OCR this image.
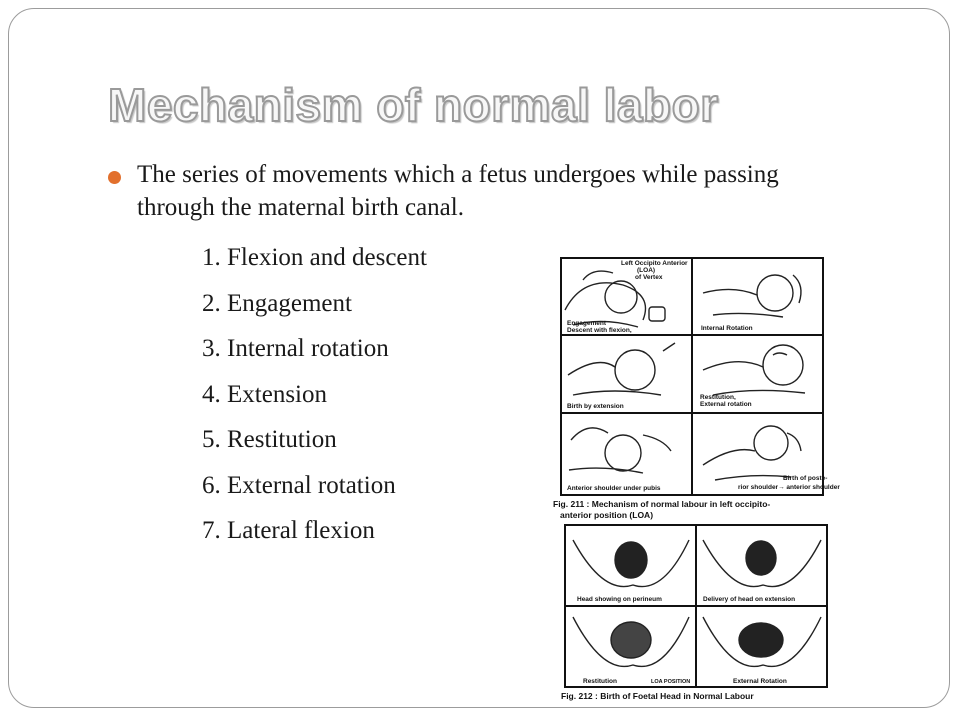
Mechanism of normal labor
The series of movements which a fetus undergoes while passing through the maternal birth canal.
1. Flexion and descent
2. Engagement
3. Internal rotation
4. Extension
5. Restitution
6. External rotation
7. Lateral flexion
Left Occipito Anterior
(LOA)
of Vertex
Engagement
Descent with flexion,	Internal Rotation
Birth by extension
Restitution,
External rotation
Anterior shoulder under pubis
Birth of poste-
rior shoulder→ anterior shoulder
Fig. 211 : Mechanism of normal labour in left occipito-
anterior position (LOA)
Head showing on perineum	Delivery of head on extension
Restitution	LOA POSITION	External Rotation
Fig. 212 : Birth of Foetal Head in Normal Labour
